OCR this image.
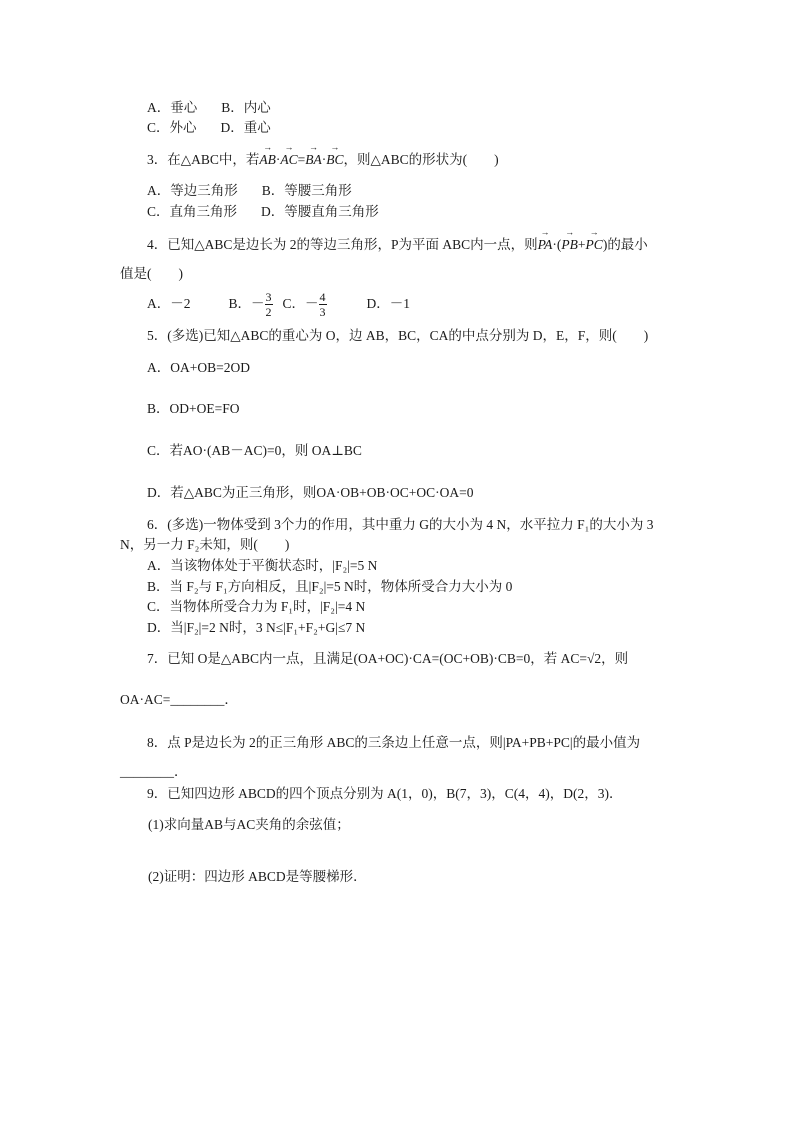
A．垂心 B．内心
C．外心 D．重心
3．在△ABC中，若→ AB·→ AC=→ BA·→ BC，则△ABC的形状为(　　)
A．等边三角形 B．等腰三角形
C．直角三角形 D．等腰直角三角形
4．已知△ABC是边长为 2的等边三角形，P为平面 ABC内一点，则→ PA·(→ PB+→ PC)的最小
值是(　　)
A．－2	B．－ $\frac{3}{2}$ C．－ $\frac{4}{3}$	D．－1
5．(多选)已知△ABC的重心为 O，边 AB，BC，CA的中点分别为 D，E，F，则(　　)
A．OA+OB=2OD
B．OD+OE=FO
C．若AO·(AB－AC)=0，则 OA⊥BC
D．若△ABC为正三角形，则OA·OB+OB·OC+OC·OA=0
6．(多选)一物体受到 3个力的作用，其中重力 G的大小为 4 N，水平拉力 F₁的大小为 3
N，另一力 F₂未知，则(　　)
A．当该物体处于平衡状态时，|F₂|=5 N
B．当 F₂与 F₁方向相反，且|F₂|=5 N时，物体所受合力大小为 0
C．当物体所受合力为 F₁时，|F₂|=4 N
D．当|F₂|=2 N时，3 N≤|F₁+F₂+G|≤7 N
7．已知 O是△ABC内一点，且满足(OA+OC)·CA=(OC+OB)·CB=0，若 AC=√2，则
OA·AC=________．
8．点 P是边长为 2的正三角形 ABC的三条边上任意一点，则|PA+PB+PC|的最小值为
________．
9．已知四边形 ABCD的四个顶点分别为 A(1，0)，B(7，3)，C(4，4)，D(2，3)．
(1)求向量AB与AC夹角的余弦值；
(2)证明：四边形 ABCD是等腰梯形．
